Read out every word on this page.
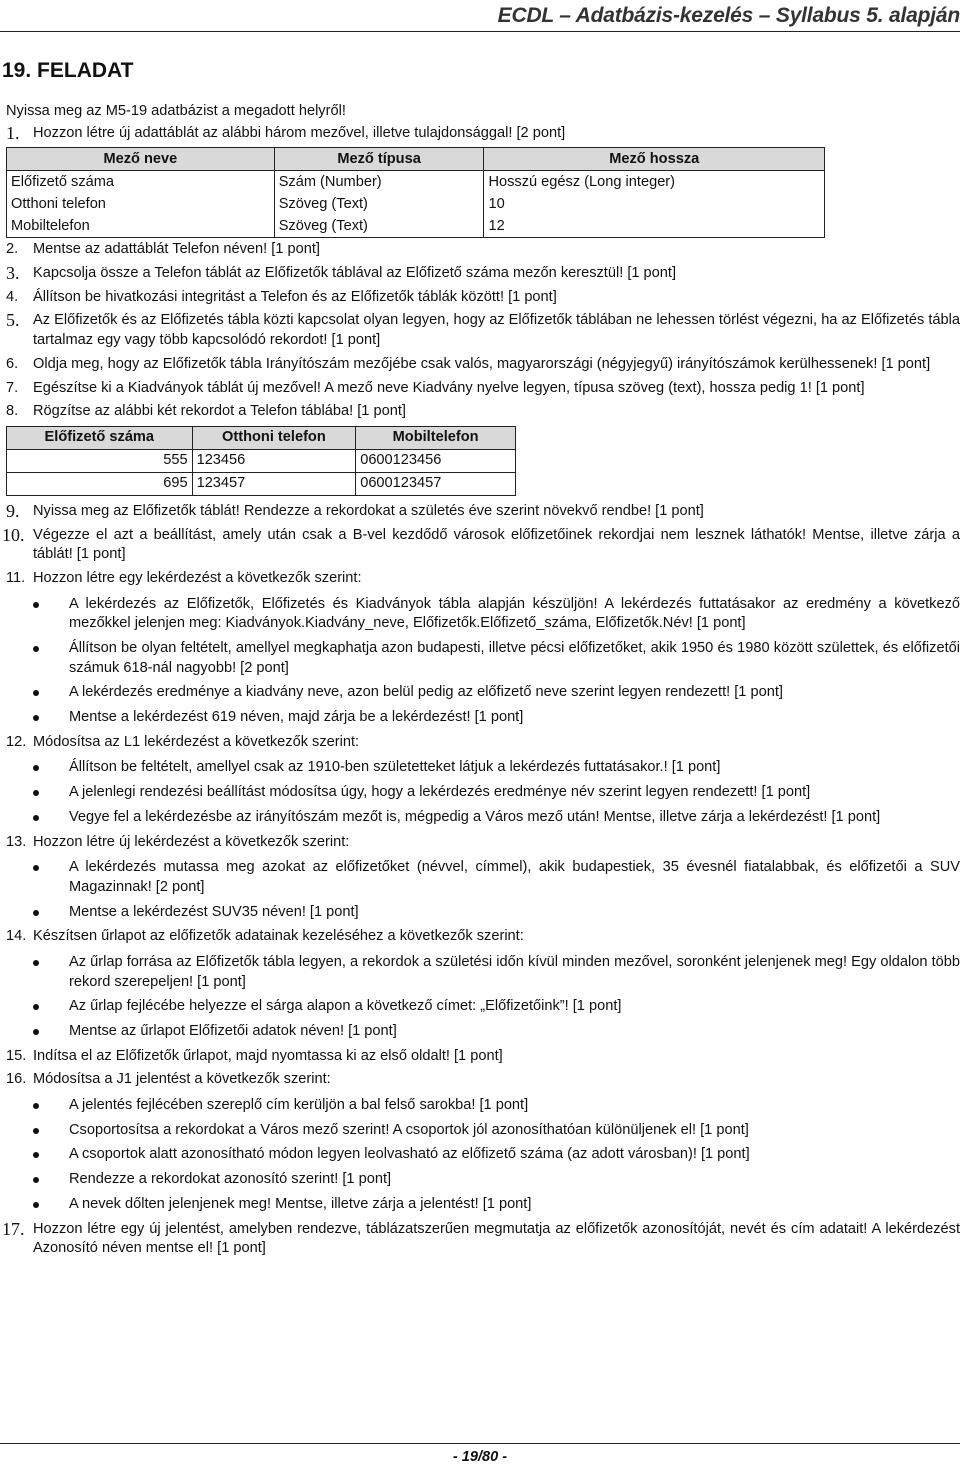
ECDL – Adatbázis-kezelés – Syllabus 5. alapján
19. FELADAT

Nyissa meg az M5-19 adatbázist a megadott helyről!

1. Hozzon létre új adattáblát az alábbi három mezővel, illetve tulajdonsággal! [2 pont]
Mező neve	Mező típusa	Mező hossza
Előfizető száma	Szám (Number)	Hosszú egész (Long integer)
Otthoni telefon	Szöveg (Text)	10
Mobiltelefon	Szöveg (Text)	12
2. Mentse az adattáblát Telefon néven! [1 pont]
3. Kapcsolja össze a Telefon táblát az Előfizetők táblával az Előfizető száma mezőn keresztül! [1 pont]
4. Állítson be hivatkozási integritást a Telefon és az Előfizetők táblák között! [1 pont]
5. Az Előfizetők és az Előfizetés tábla közti kapcsolat olyan legyen, hogy az Előfizetők táblában ne lehessen törlést végezni, ha az Előfizetés tábla tartalmaz egy vagy több kapcsolódó rekordot! [1 pont]
6. Oldja meg, hogy az Előfizetők tábla Irányítószám mezőjébe csak valós, magyarországi (négyjegyű) irányítószámok kerülhessenek! [1 pont]
7. Egészítse ki a Kiadványok táblát új mezővel! A mező neve Kiadvány nyelve legyen, típusa szöveg (text), hossza pedig 1! [1 pont]
8. Rögzítse az alábbi két rekordot a Telefon táblába! [1 pont]
Előfizető száma	Otthoni telefon	Mobiltelefon
555	123456	0600123456
695	123457	0600123457
9. Nyissa meg az Előfizetők táblát! Rendezze a rekordokat a születés éve szerint növekvő rendbe! [1 pont]
10. Végezze el azt a beállítást, amely után csak a B-vel kezdődő városok előfizetőinek rekordjai nem lesznek láthatók! Mentse, illetve zárja a táblát! [1 pont]
11. Hozzon létre egy lekérdezést a következők szerint:
A lekérdezés az Előfizetők, Előfizetés és Kiadványok tábla alapján készüljön! A lekérdezés futtatásakor az eredmény a következő mezőkkel jelenjen meg: Kiadványok.Kiadvány_neve, Előfizetők.Előfizető_száma, Előfizetők.Név! [1 pont]
Állítson be olyan feltételt, amellyel megkaphatja azon budapesti, illetve pécsi előfizetőket, akik 1950 és 1980 között születtek, és előfizetői számuk 618-nál nagyobb! [2 pont]
A lekérdezés eredménye a kiadvány neve, azon belül pedig az előfizető neve szerint legyen rendezett! [1 pont]
Mentse a lekérdezést 619 néven, majd zárja be a lekérdezést! [1 pont]
12. Módosítsa az L1 lekérdezést a következők szerint:
Állítson be feltételt, amellyel csak az 1910-ben születetteket látjuk a lekérdezés futtatásakor.! [1 pont]
A jelenlegi rendezési beállítást módosítsa úgy, hogy a lekérdezés eredménye név szerint legyen rendezett! [1 pont]
Vegye fel a lekérdezésbe az irányítószám mezőt is, mégpedig a Város mező után! Mentse, illetve zárja a lekérdezést! [1 pont]
13. Hozzon létre új lekérdezést a következők szerint:
A lekérdezés mutassa meg azokat az előfizetőket (névvel, címmel), akik budapestiek, 35 évesnél fiatalabbak, és előfizetői a SUV Magazinnak! [2 pont]
Mentse a lekérdezést SUV35 néven! [1 pont]
14. Készítsen űrlapot az előfizetők adatainak kezeléséhez a következők szerint:
Az űrlap forrása az Előfizetők tábla legyen, a rekordok a születési időn kívül minden mezővel, soronként jelenjenek meg! Egy oldalon több rekord szerepeljen! [1 pont]
Az űrlap fejlécébe helyezze el sárga alapon a következő címet: „Előfizetőink”! [1 pont]
Mentse az űrlapot Előfizetői adatok néven! [1 pont]
15. Indítsa el az Előfizetők űrlapot, majd nyomtassa ki az első oldalt! [1 pont]
16. Módosítsa a J1 jelentést a következők szerint:
A jelentés fejlécében szereplő cím kerüljön a bal felső sarokba! [1 pont]
Csoportosítsa a rekordokat a Város mező szerint! A csoportok jól azonosíthatóan különüljenek el! [1 pont]
A csoportok alatt azonosítható módon legyen leolvasható az előfizető száma (az adott városban)! [1 pont]
Rendezze a rekordokat azonosító szerint! [1 pont]
A nevek dőlten jelenjenek meg! Mentse, illetve zárja a jelentést! [1 pont]
17. Hozzon létre egy új jelentést, amelyben rendezve, táblázatszerűen megmutatja az előfizetők azonosítóját, nevét és cím adatait! A lekérdezést Azonosító néven mentse el! [1 pont]
- 19/80 -
